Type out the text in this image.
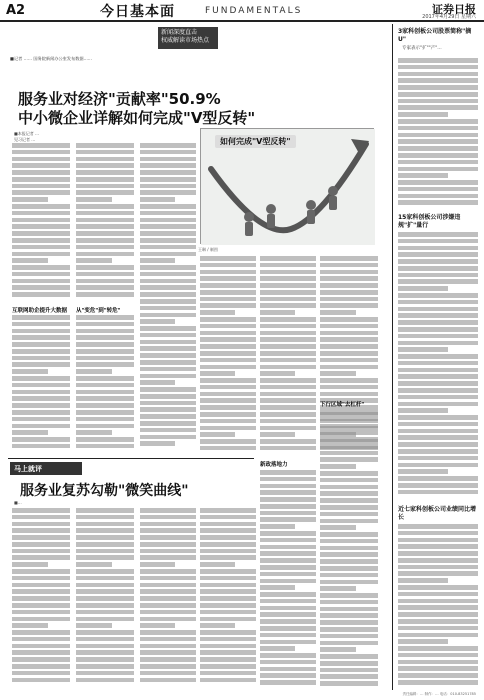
A2	今日基本面	FUNDAMENTALS	证券日报
2017年4月29日 星期六
新闻深度直击
权威解读市场热点
■记者 …… 国务院新闻办公室发布数据……
服务业对经济"贡献率"50.9%
中小微企业详解如何完成"V型反转"
■本报记者 …
见习记者 …	如何完成"V型反转"
王琳 / 制图
互联网助企提升大数据 从"变危"到"转危"
新政落地力
下行区域"去杠杆"
马上就评
服务业复苏勾勒"微笑曲线"
■…
3家科创板公司股票简称"摘U"
专家表示"扩""产"…
15家科创板公司涉嫌违规"扩"量行
近七家科创板公司业绩同比增长
责任编辑：… 制作：… 电话：010-83251785
